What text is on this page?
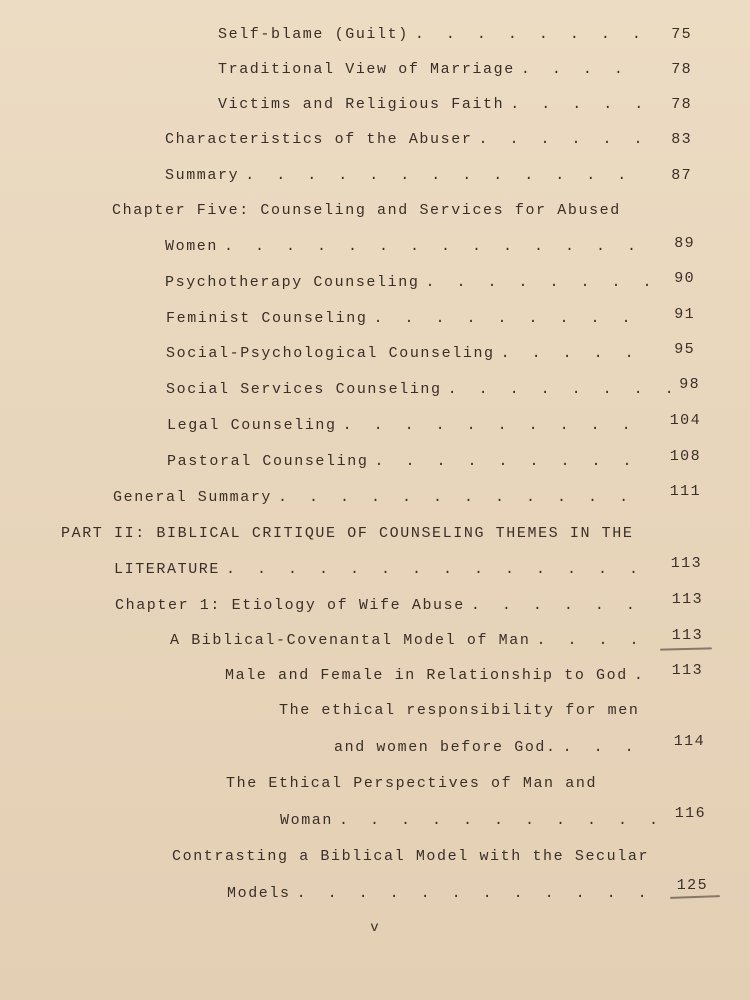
Self-blame (Guilt) . . .	75
Traditional View of Marriage . . .	78
Victims and Religious Faith . . .	78
Characteristics of the Abuser . . .	83
Summary . . .	87
Chapter Five: Counseling and Services for Abused
Women . . .	89
Psychotherapy Counseling . . .	90
Feminist Counseling . . .	91
Social-Psychological Counseling . . .	95
Social Services Counseling . . .	98
Legal Counseling . . .	104
Pastoral Counseling . . .	108
General Summary . . .	111
PART II: BIBLICAL CRITIQUE OF COUNSELING THEMES IN THE
LITERATURE . . .	113
Chapter 1: Etiology of Wife Abuse . . .	113
A Biblical-Covenantal Model of Man . . .	113
Male and Female in Relationship to God . . .	113
The ethical responsibility for men
and women before God. . . .	114
The Ethical Perspectives of Man and
Woman . . .	116
Contrasting a Biblical Model with the Secular
Models . . .	125
v
